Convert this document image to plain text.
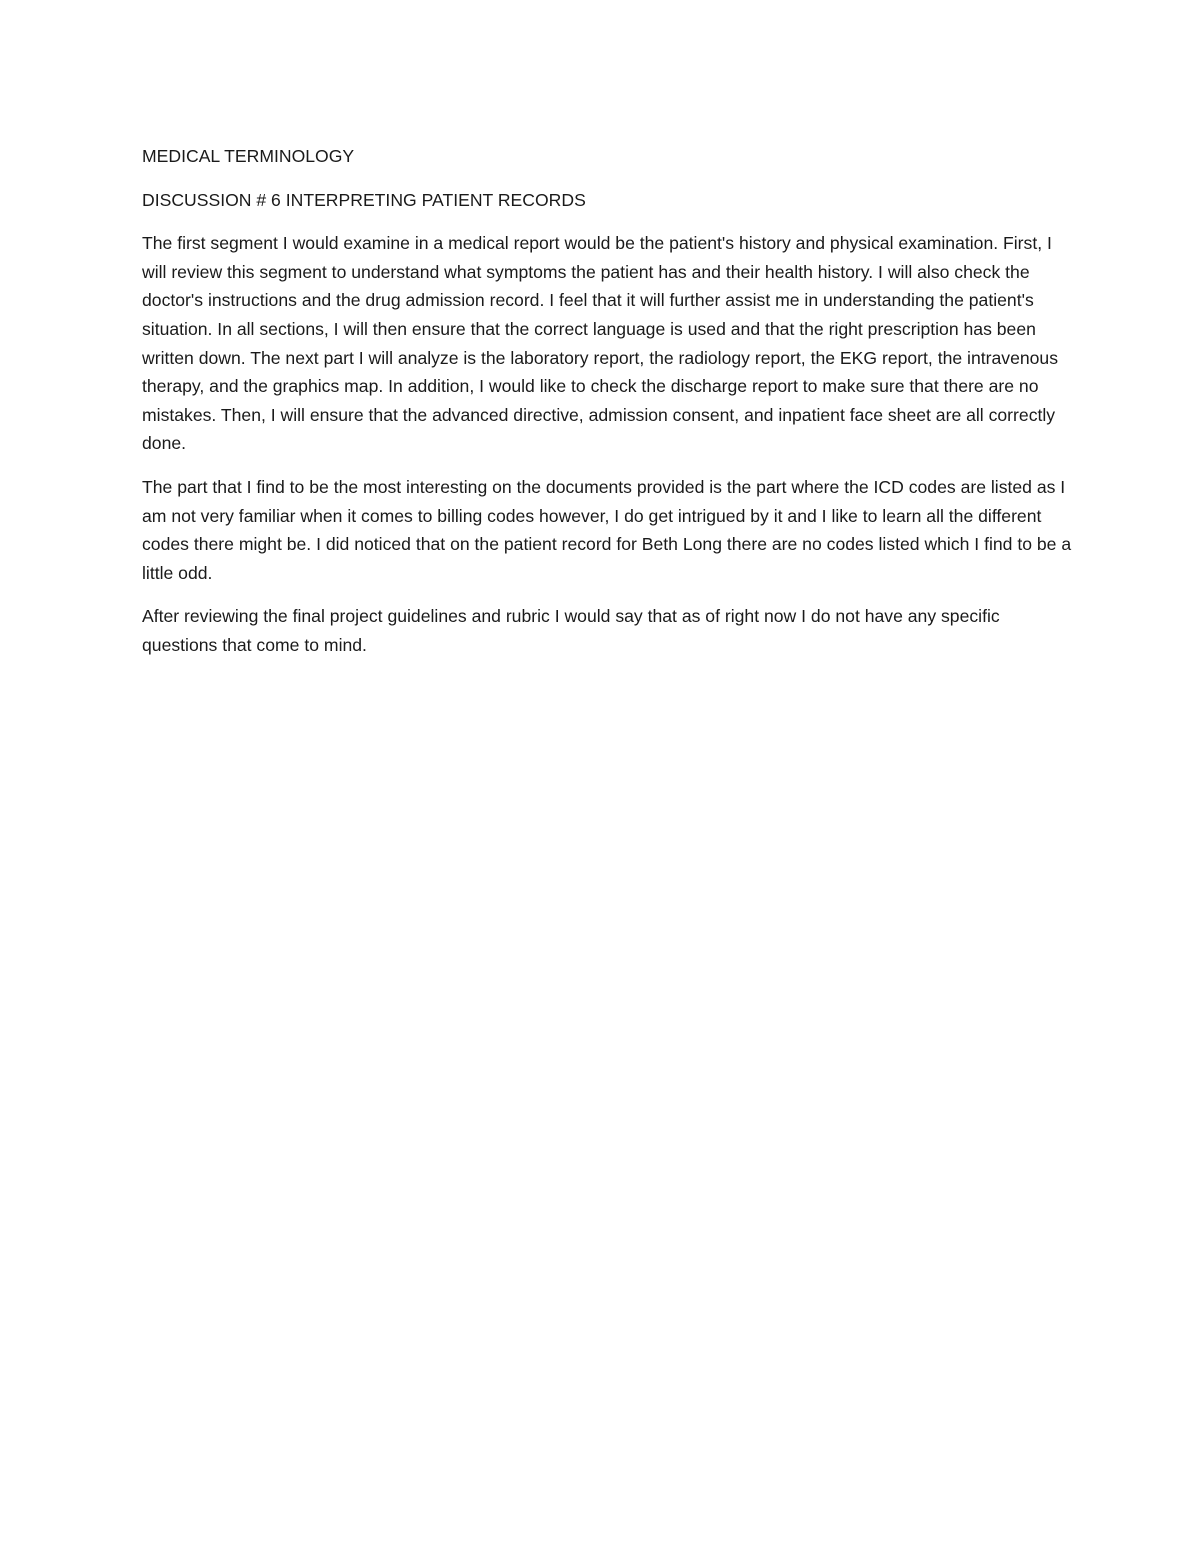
MEDICAL TERMINOLOGY

DISCUSSION # 6 INTERPRETING PATIENT RECORDS

The first segment I would examine in a medical report would be the patient's history and physical examination. First, I will review this segment to understand what symptoms the patient has and their health history. I will also check the doctor's instructions and the drug admission record. I feel that it will further assist me in understanding the patient's situation. In all sections, I will then ensure that the correct language is used and that the right prescription has been written down. The next part I will analyze is the laboratory report, the radiology report, the EKG report, the intravenous therapy, and the graphics map. In addition, I would like to check the discharge report to make sure that there are no mistakes. Then, I will ensure that the advanced directive, admission consent, and inpatient face sheet are all correctly done.

The part that I find to be the most interesting on the documents provided is the part where the ICD codes are listed as I am not very familiar when it comes to billing codes however, I do get intrigued by it and I like to learn all the different codes there might be. I did noticed that on the patient record for Beth Long there are no codes listed which I find to be a little odd.

After reviewing the final project guidelines and rubric I would say that as of right now I do not have any specific questions that come to mind.
